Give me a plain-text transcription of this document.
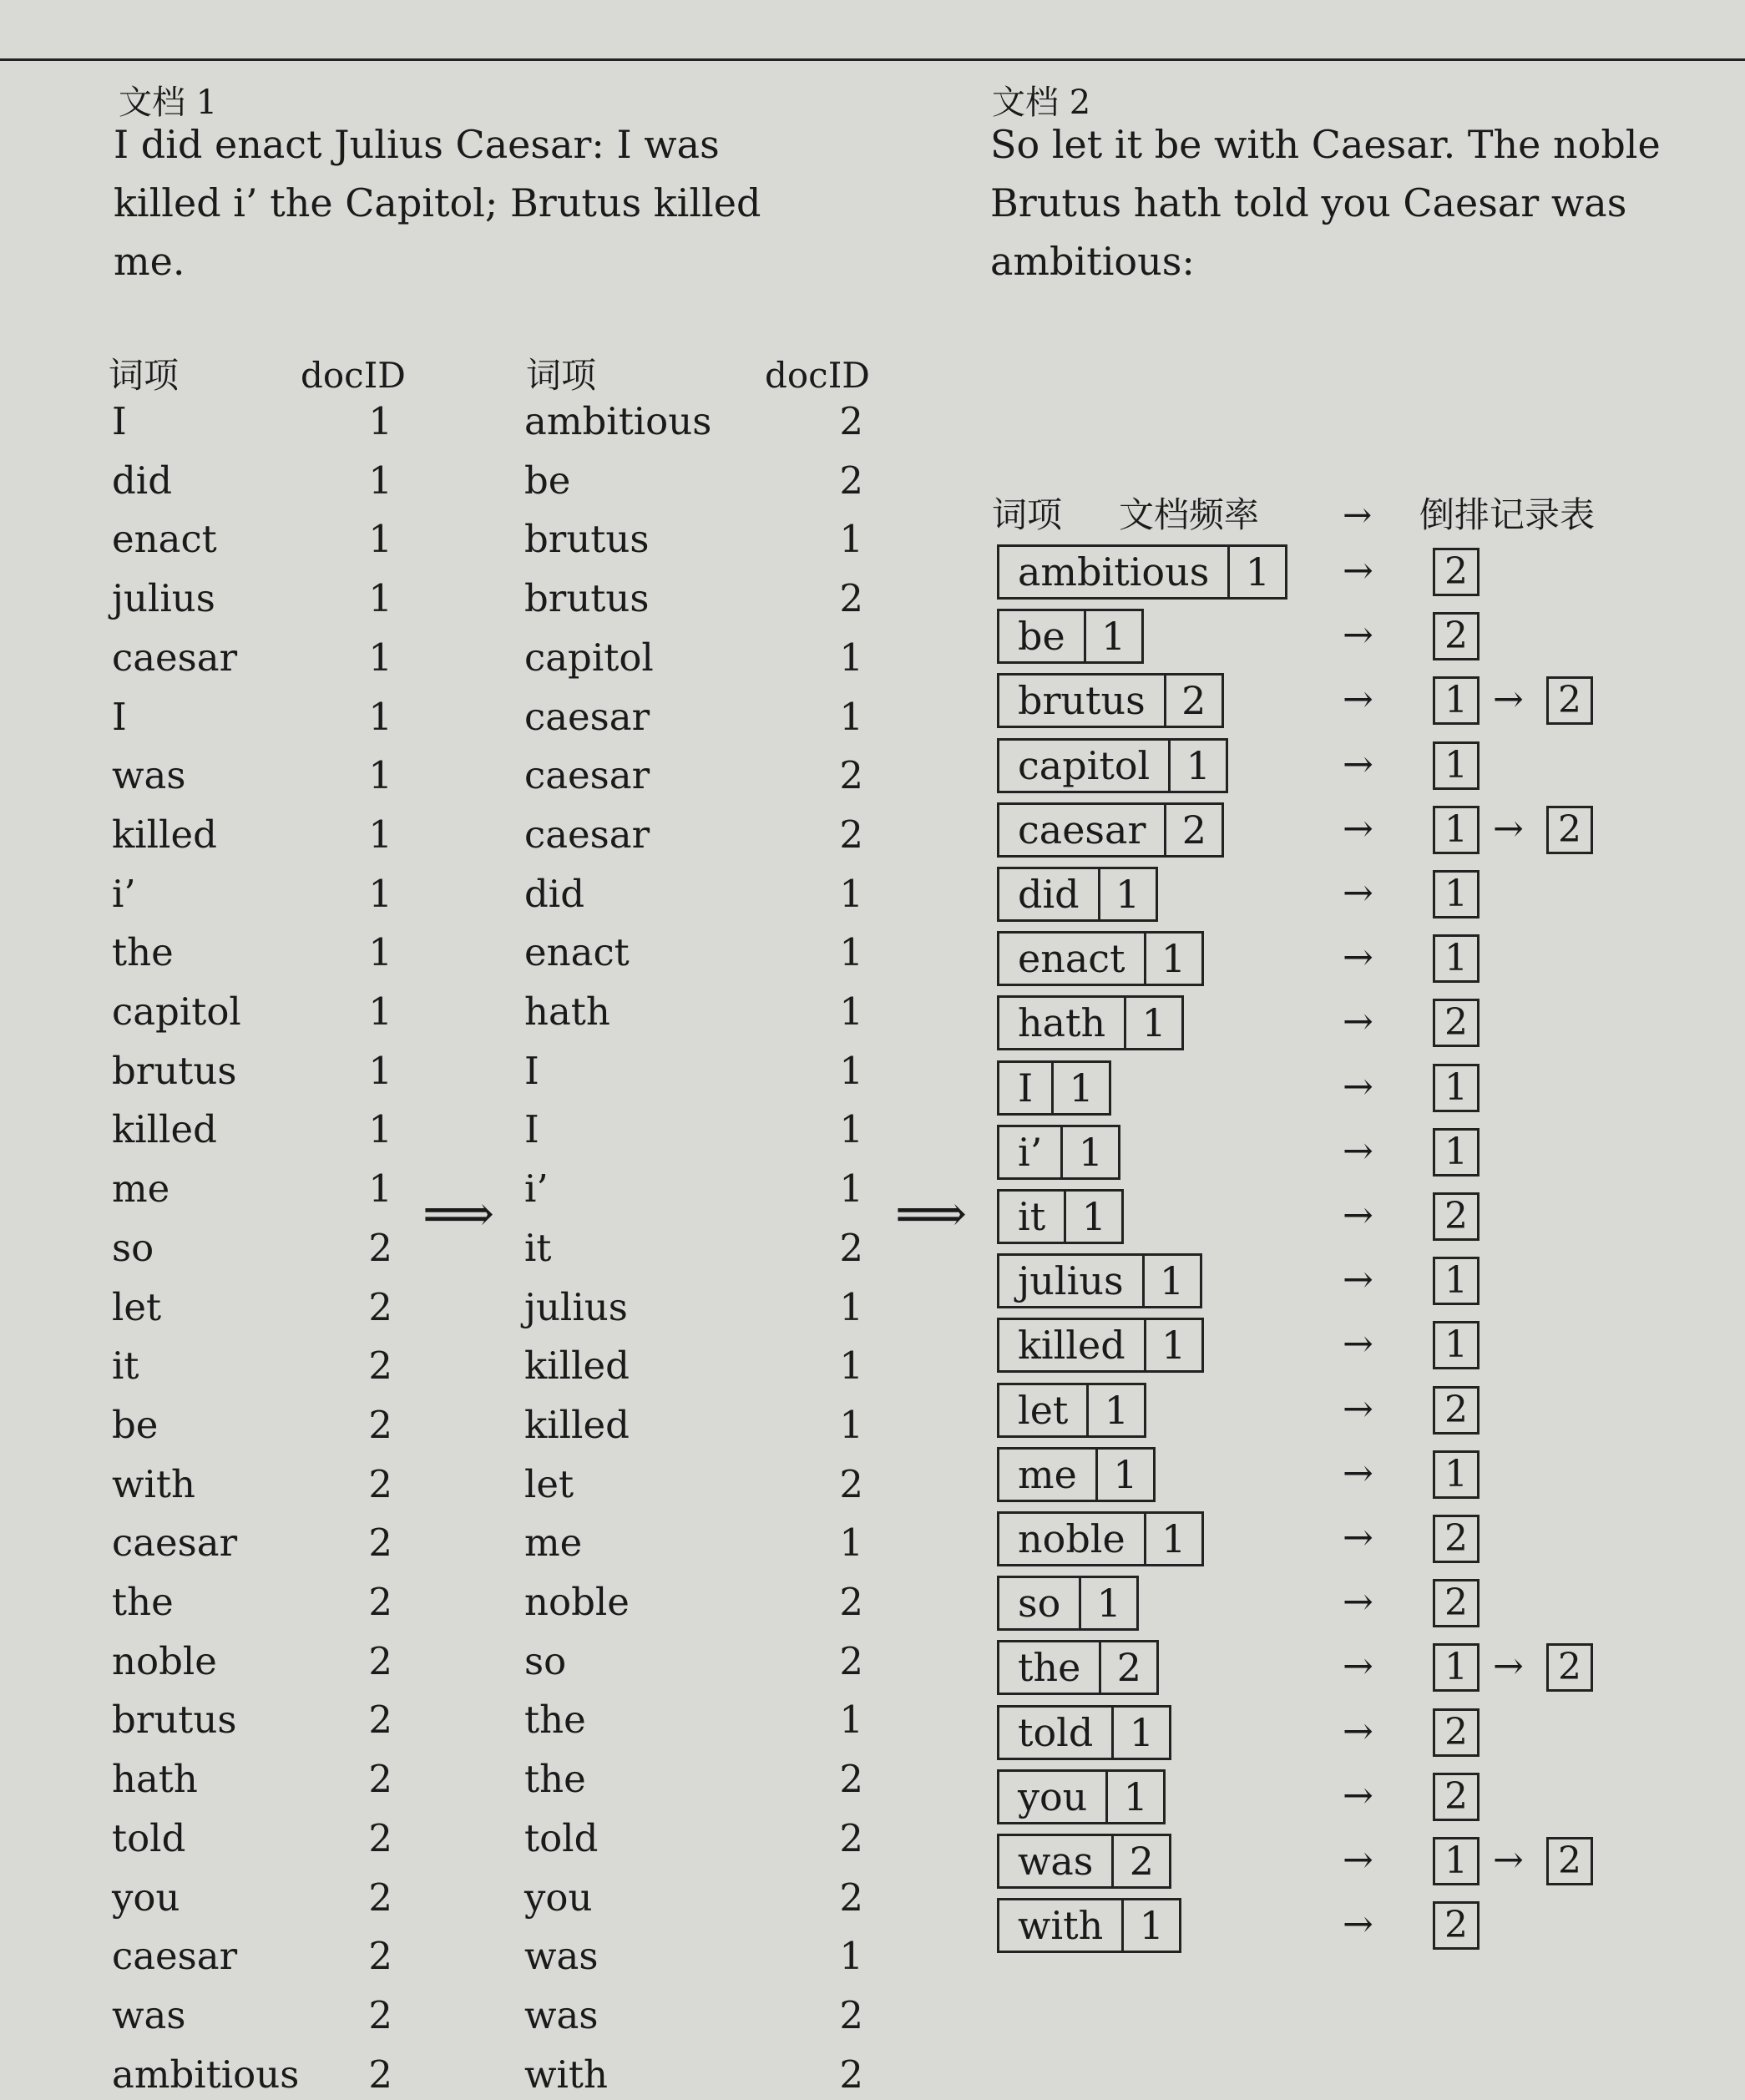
文档 1
I did enact Julius Caesar: I was
killed i’ the Capitol; Brutus killed
me.
文档 2
So let it be with Caesar. The noble
Brutus hath told you Caesar was
ambitious:
词项	docID	词项	docID
I	1
did	1
enact	1
julius	1
caesar	1
I	1
was	1
killed	1
i’	1
the	1
capitol	1
brutus	1
killed	1
me	1
so	2
let	2
it	2
be	2
with	2
caesar	2
the	2
noble	2
brutus	2
hath	2
told	2
you	2
caesar	2
was	2
ambitious	2
ambitious	2
be	2
brutus	1
brutus	2
capitol	1
caesar	1
caesar	2
caesar	2
did	1
enact	1
hath	1
I	1
I	1
i’	1
it	2
julius	1
killed	1
killed	1
let	2
me	1
noble	2
so	2
the	1
the	2
told	2
you	2
was	1
was	2
with	2
⟹	⟹
词项 文档频率 → 倒排记录表
ambitious 1	→	2
be 1	→	2
brutus 2	→	1 → 2
capitol 1	→	1
caesar 2	→	1 → 2
did 1	→	1
enact 1	→	1
hath 1	→	2
I 1	→	1
i’ 1	→	1
it 1	→	2
julius 1	→	1
killed 1	→	1
let 1	→	2
me 1	→	1
noble 1	→	2
so 1	→	2
the 2	→	1 → 2
told 1	→	2
you 1	→	2
was 2	→	1 → 2
with 1	→	2
